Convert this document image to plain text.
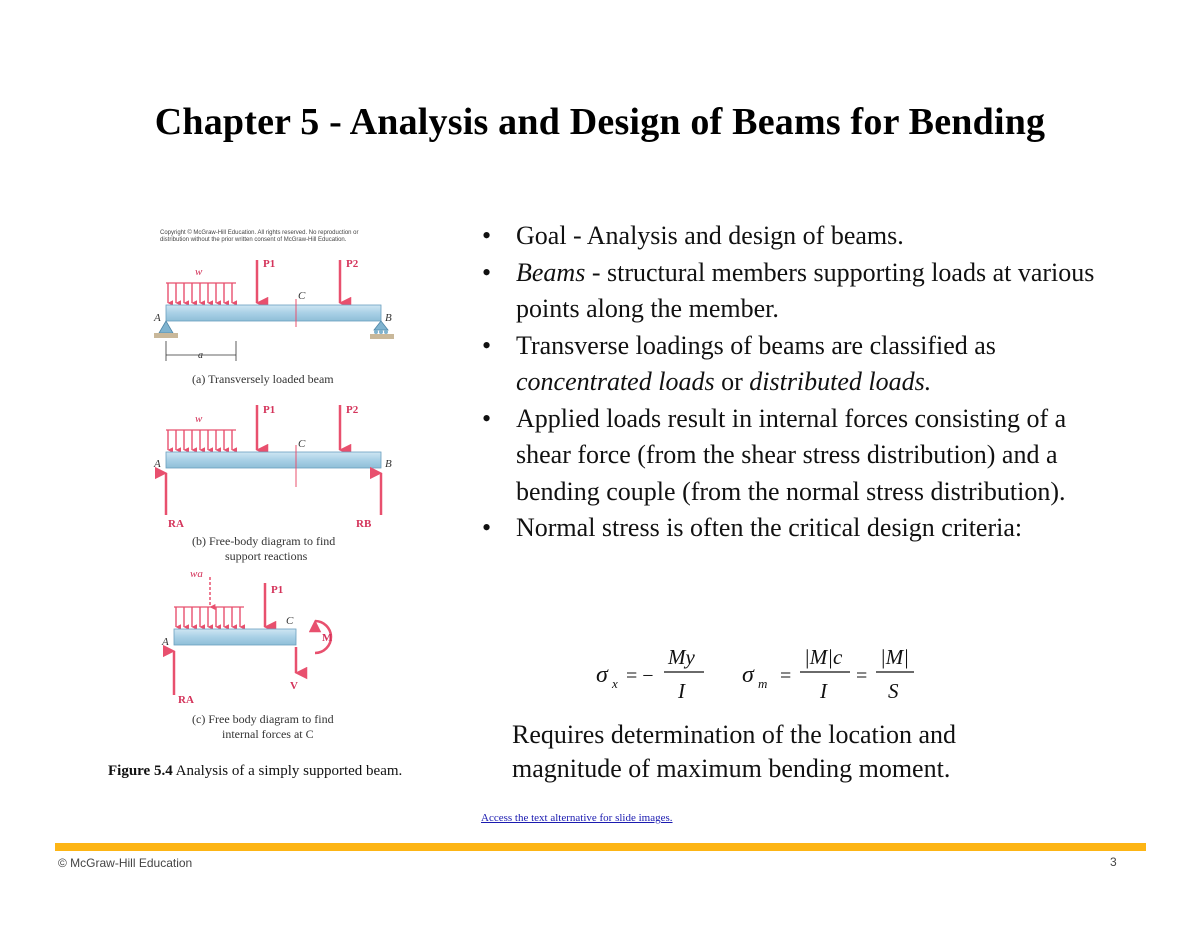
Chapter 5 - Analysis and Design of Beams for Bending
Copyright © McGraw-Hill Education. All rights reserved. No reproduction or
distribution without the prior written consent of McGraw-Hill Education.
w
P1	P2
C
A	B
a
(a) Transversely loaded beam
w
P1	P2
C
A	B
RA	RB
(b) Free-body diagram to find
support reactions
wa
P1
C
A
V
M
RA
(c) Free body diagram to find
internal forces at C
Figure 5.4 Analysis of a simply supported beam.
• Goal - Analysis and design of beams.
• Beams - structural members supporting loads at various points along the member.
• Transverse loadings of beams are classified as concentrated loads or distributed loads.
• Applied loads result in internal forces consisting of a shear force (from the shear stress distribution) and a bending couple (from the normal stress distribution).
• Normal stress is often the critical design criteria:
σ x = −
My
I
σ m =
|M|c
I
=
|M|
S
Requires determination of the location and
magnitude of maximum bending moment.
Access the text alternative for slide images.
© McGraw-Hill Education	3
